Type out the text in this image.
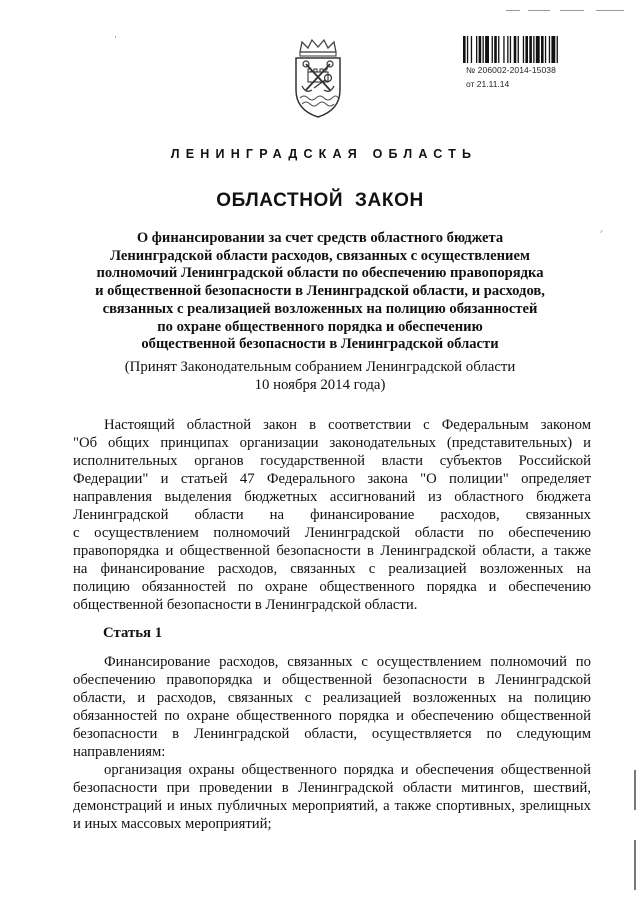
№ 206002-2014-15038
от 21.11.14
ЛЕНИНГРАДСКАЯ ОБЛАСТЬ
ОБЛАСТНОЙ ЗАКОН
О финансировании за счет средств областного бюджета
Ленинградской области расходов, связанных с осуществлением
полномочий Ленинградской области по обеспечению правопорядка
и общественной безопасности в Ленинградской области, и расходов,
связанных с реализацией возложенных на полицию обязанностей
по охране общественного порядка и обеспечению
общественной безопасности в Ленинградской области
(Принят Законодательным собранием Ленинградской области
10 ноября 2014 года)
Настоящий областной закон в соответствии с Федеральным законом
"Об общих принципах организации законодательных (представительных) и
исполнительных органов государственной власти субъектов Российской
Федерации" и статьей 47 Федерального закона "О полиции" определяет
направления выделения бюджетных ассигнований из областного бюджета
Ленинградской области на финансирование расходов, связанных
с осуществлением полномочий Ленинградской области по обеспечению
правопорядка и общественной безопасности в Ленинградской области, а также
на финансирование расходов, связанных с реализацией возложенных на
полицию обязанностей по охране общественного порядка и обеспечению
общественной безопасности в Ленинградской области.
Статья 1
Финансирование расходов, связанных с осуществлением полномочий по
обеспечению правопорядка и общественной безопасности в Ленинградской
области, и расходов, связанных с реализацией возложенных на полицию
обязанностей по охране общественного порядка и обеспечению общественной
безопасности в Ленинградской области, осуществляется по следующим
направлениям:
организация охраны общественного порядка и обеспечения общественной
безопасности при проведении в Ленинградской области митингов, шествий,
демонстраций и иных публичных мероприятий, а также спортивных, зрелищных
и иных массовых мероприятий;
